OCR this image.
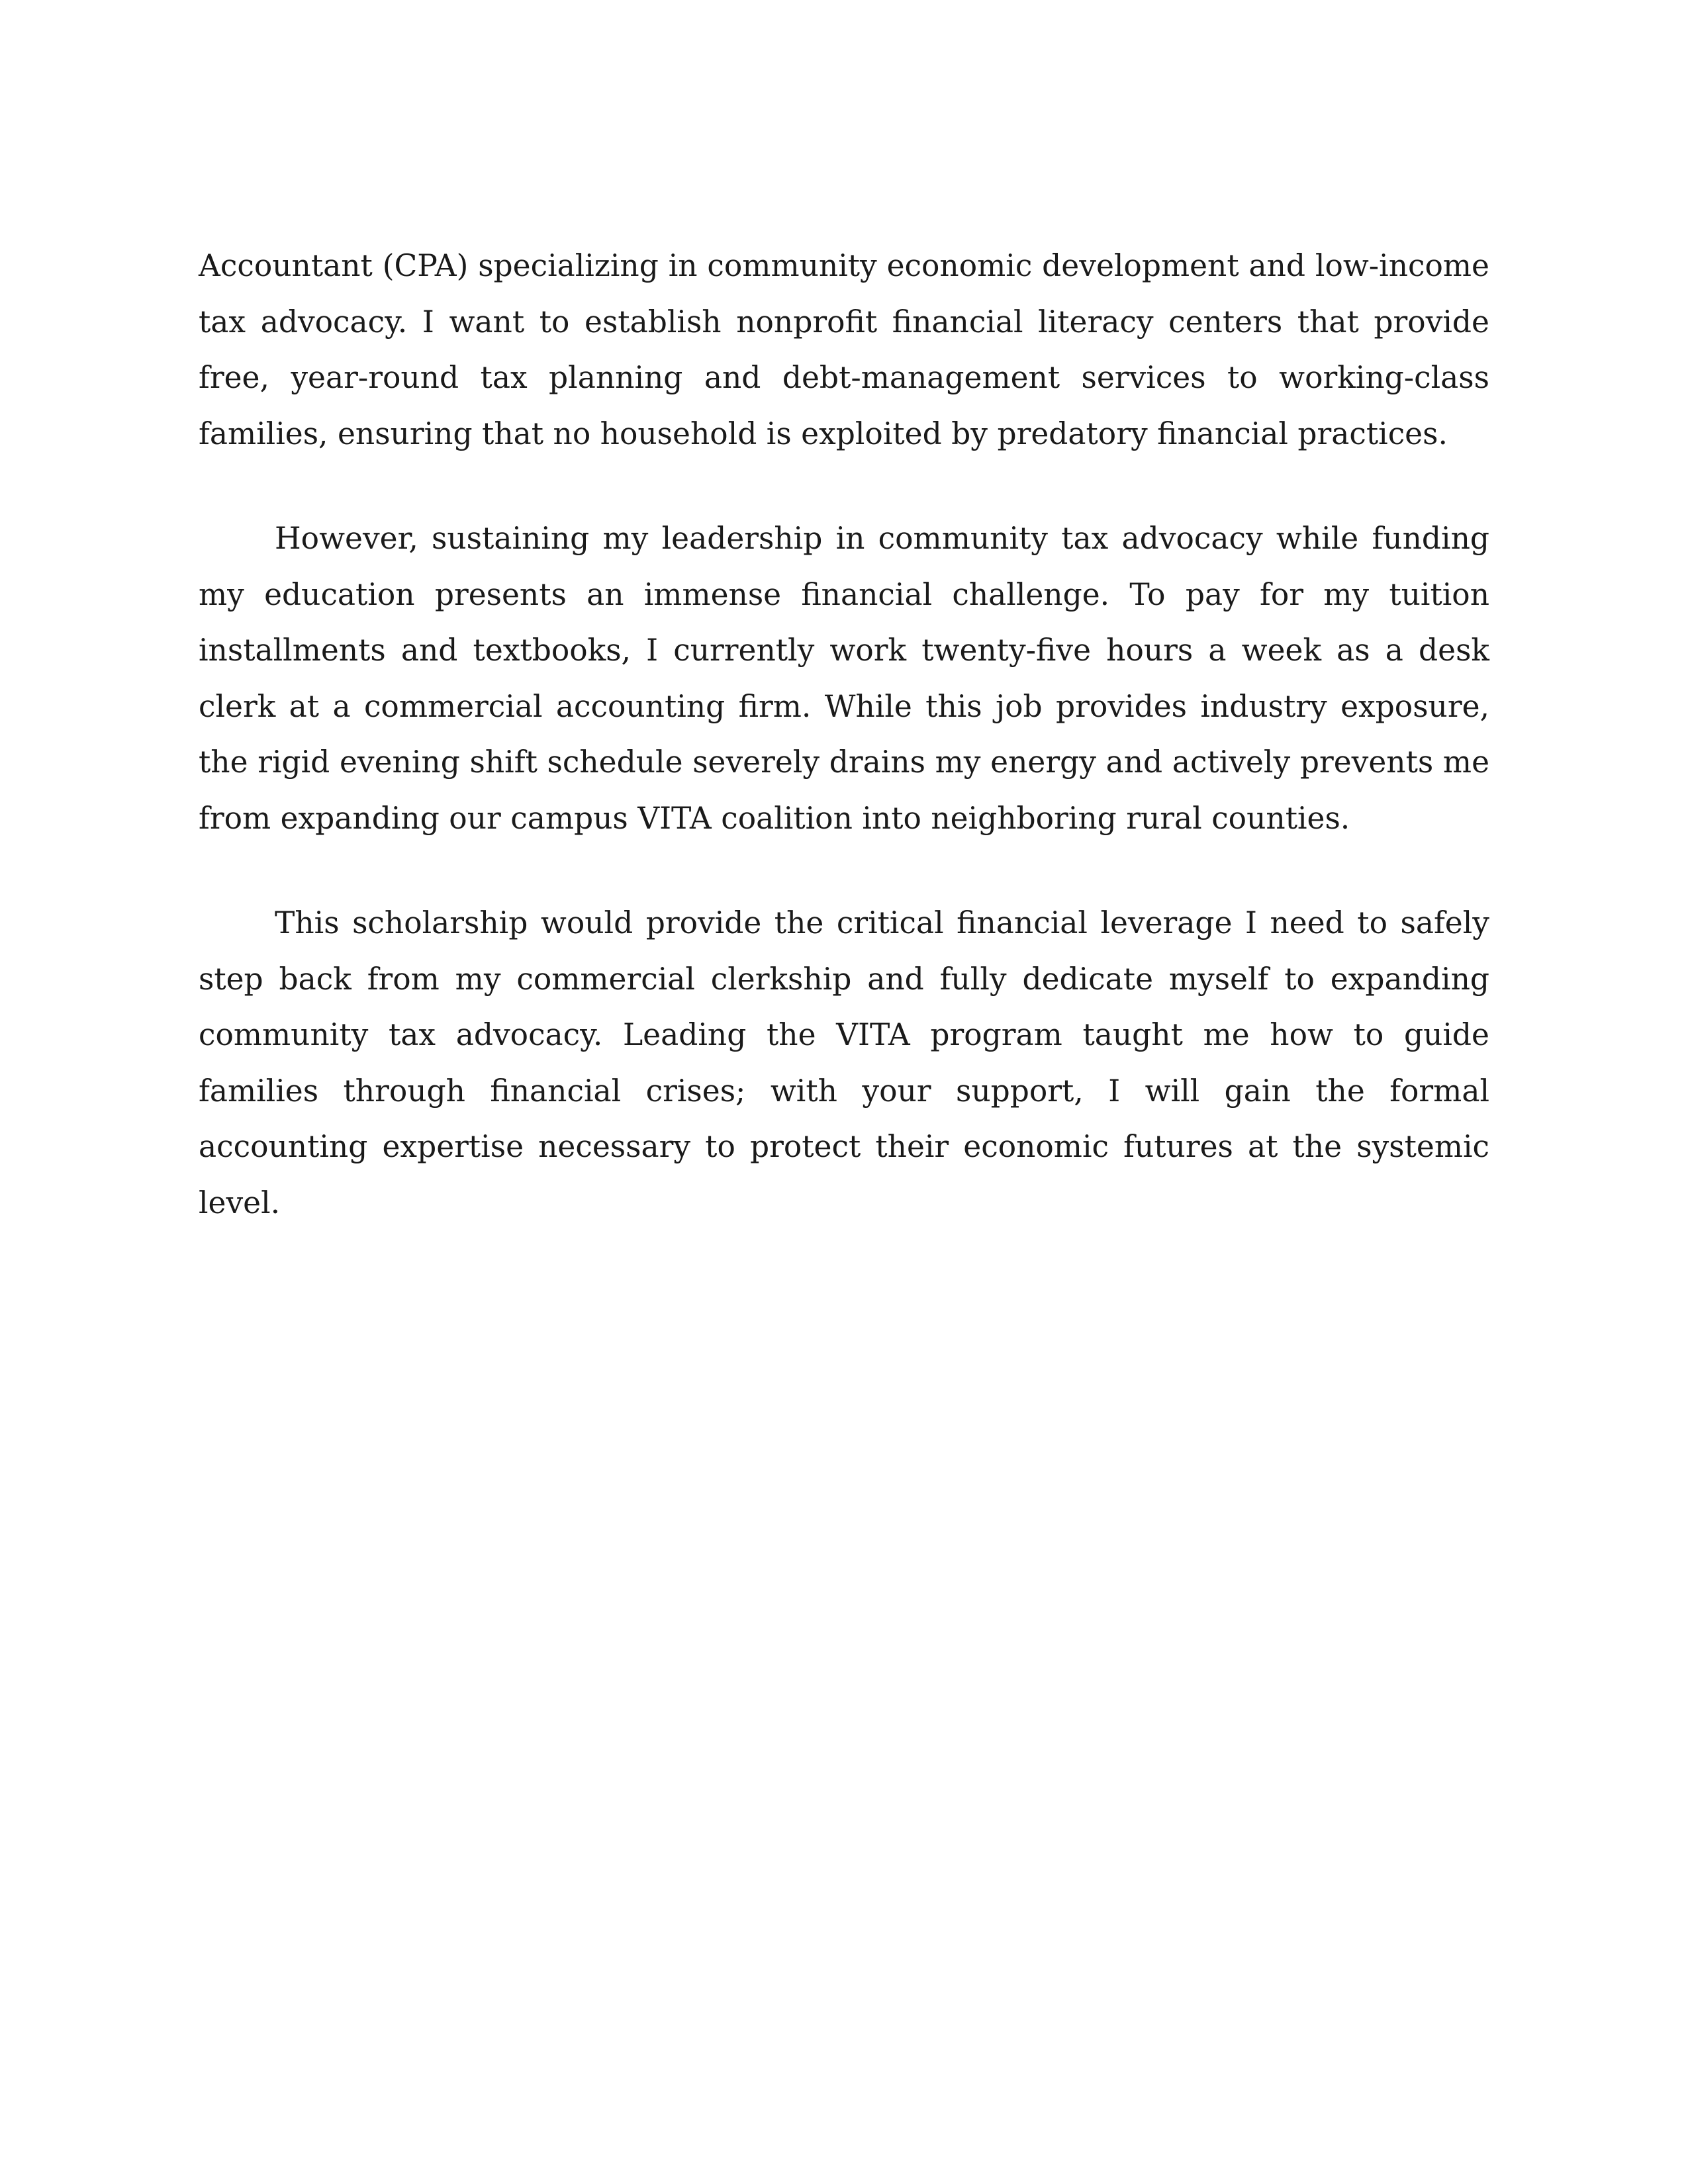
Accountant (CPA) specializing in community economic development and low-income tax advocacy. I want to establish nonprofit financial literacy centers that provide free, year-round tax planning and debt-management services to working-class families, ensuring that no household is exploited by predatory financial practices.

However, sustaining my leadership in community tax advocacy while funding my education presents an immense financial challenge. To pay for my tuition installments and textbooks, I currently work twenty-five hours a week as a desk clerk at a commercial accounting firm. While this job provides industry exposure, the rigid evening shift schedule severely drains my energy and actively prevents me from expanding our campus VITA coalition into neighboring rural counties.

This scholarship would provide the critical financial leverage I need to safely step back from my commercial clerkship and fully dedicate myself to expanding community tax advocacy. Leading the VITA program taught me how to guide families through financial crises; with your support, I will gain the formal accounting expertise necessary to protect their economic futures at the systemic level.
